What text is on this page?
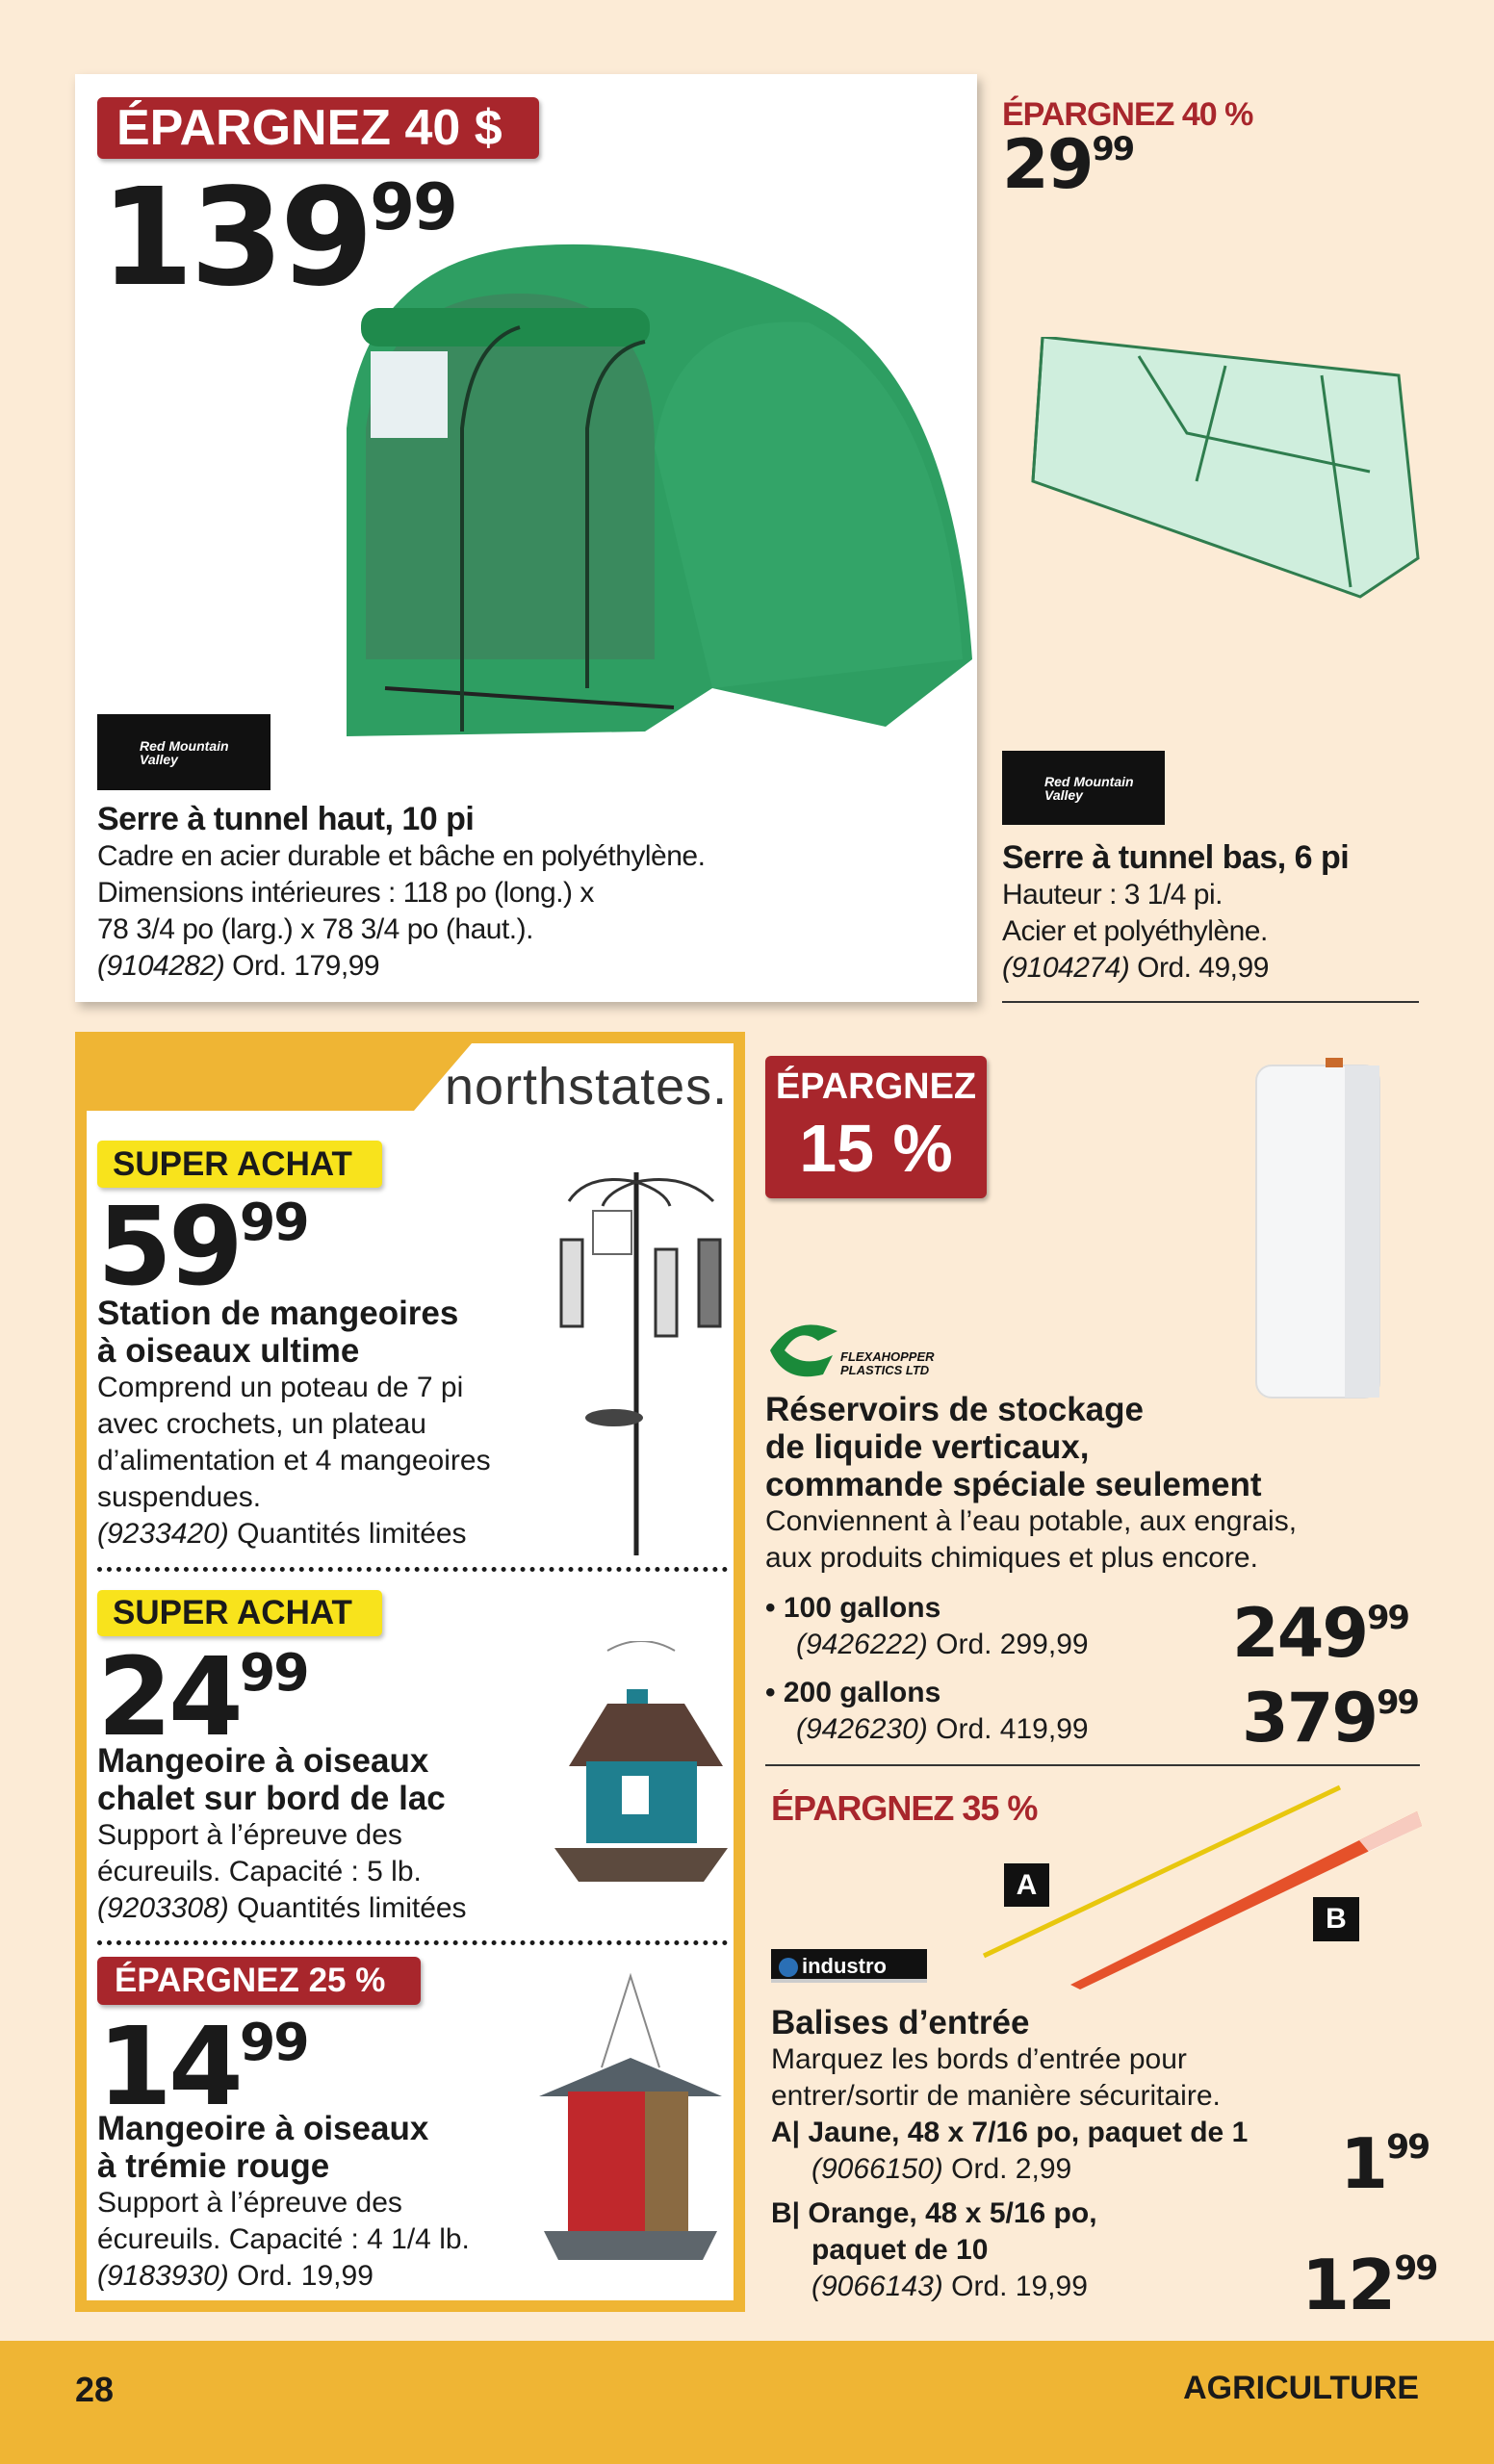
ÉPARGNEZ 40 $
$139^{99}$
Red Mountain Valley
Serre à tunnel haut, 10 pi
Cadre en acier durable et bâche en polyéthylène.
Dimensions intérieures : 118 po (long.) x
78 3/4 po (larg.) x 78 3/4 po (haut.).
(9104282) Ord. 179,99
ÉPARGNEZ 40 %
$29^{99}$
Red Mountain Valley
Serre à tunnel bas, 6 pi
Hauteur : 3 1/4 pi.
Acier et polyéthylène.
(9104274) Ord. 49,99
northstates.
SUPER ACHAT
$59^{99}$
Station de mangeoires
à oiseaux ultime
Comprend un poteau de 7 pi
avec crochets, un plateau
d’alimentation et 4 mangeoires
suspendues.
(9233420) Quantités limitées
SUPER ACHAT
$24^{99}$
Mangeoire à oiseaux
chalet sur bord de lac
Support à l’épreuve des
écureuils. Capacité : 5 lb.
(9203308) Quantités limitées
ÉPARGNEZ 25 %
$14^{99}$
Mangeoire à oiseaux
à trémie rouge
Support à l’épreuve des
écureuils. Capacité : 4 1/4 lb.
(9183930) Ord. 19,99
ÉPARGNEZ
15 %
FLEXAHOPPER
PLASTICS LTD
Réservoirs de stockage
de liquide verticaux,
commande spéciale seulement
Conviennent à l’eau potable, aux engrais,
aux produits chimiques et plus encore.
• 100 gallons
(9426222) Ord. 299,99	$249^{99}$
• 200 gallons
(9426230) Ord. 419,99	$379^{99}$
ÉPARGNEZ 35 %
A
B
industro
Balises d’entrée
Marquez les bords d’entrée pour
entrer/sortir de manière sécuritaire.
A| Jaune, 48 x 7/16 po, paquet de 1
(9066150) Ord. 2,99
B| Orange, 48 x 5/16 po,
paquet de 10
(9066143) Ord. 19,99
$1^{99}$
$12^{99}$
28	AGRICULTURE
